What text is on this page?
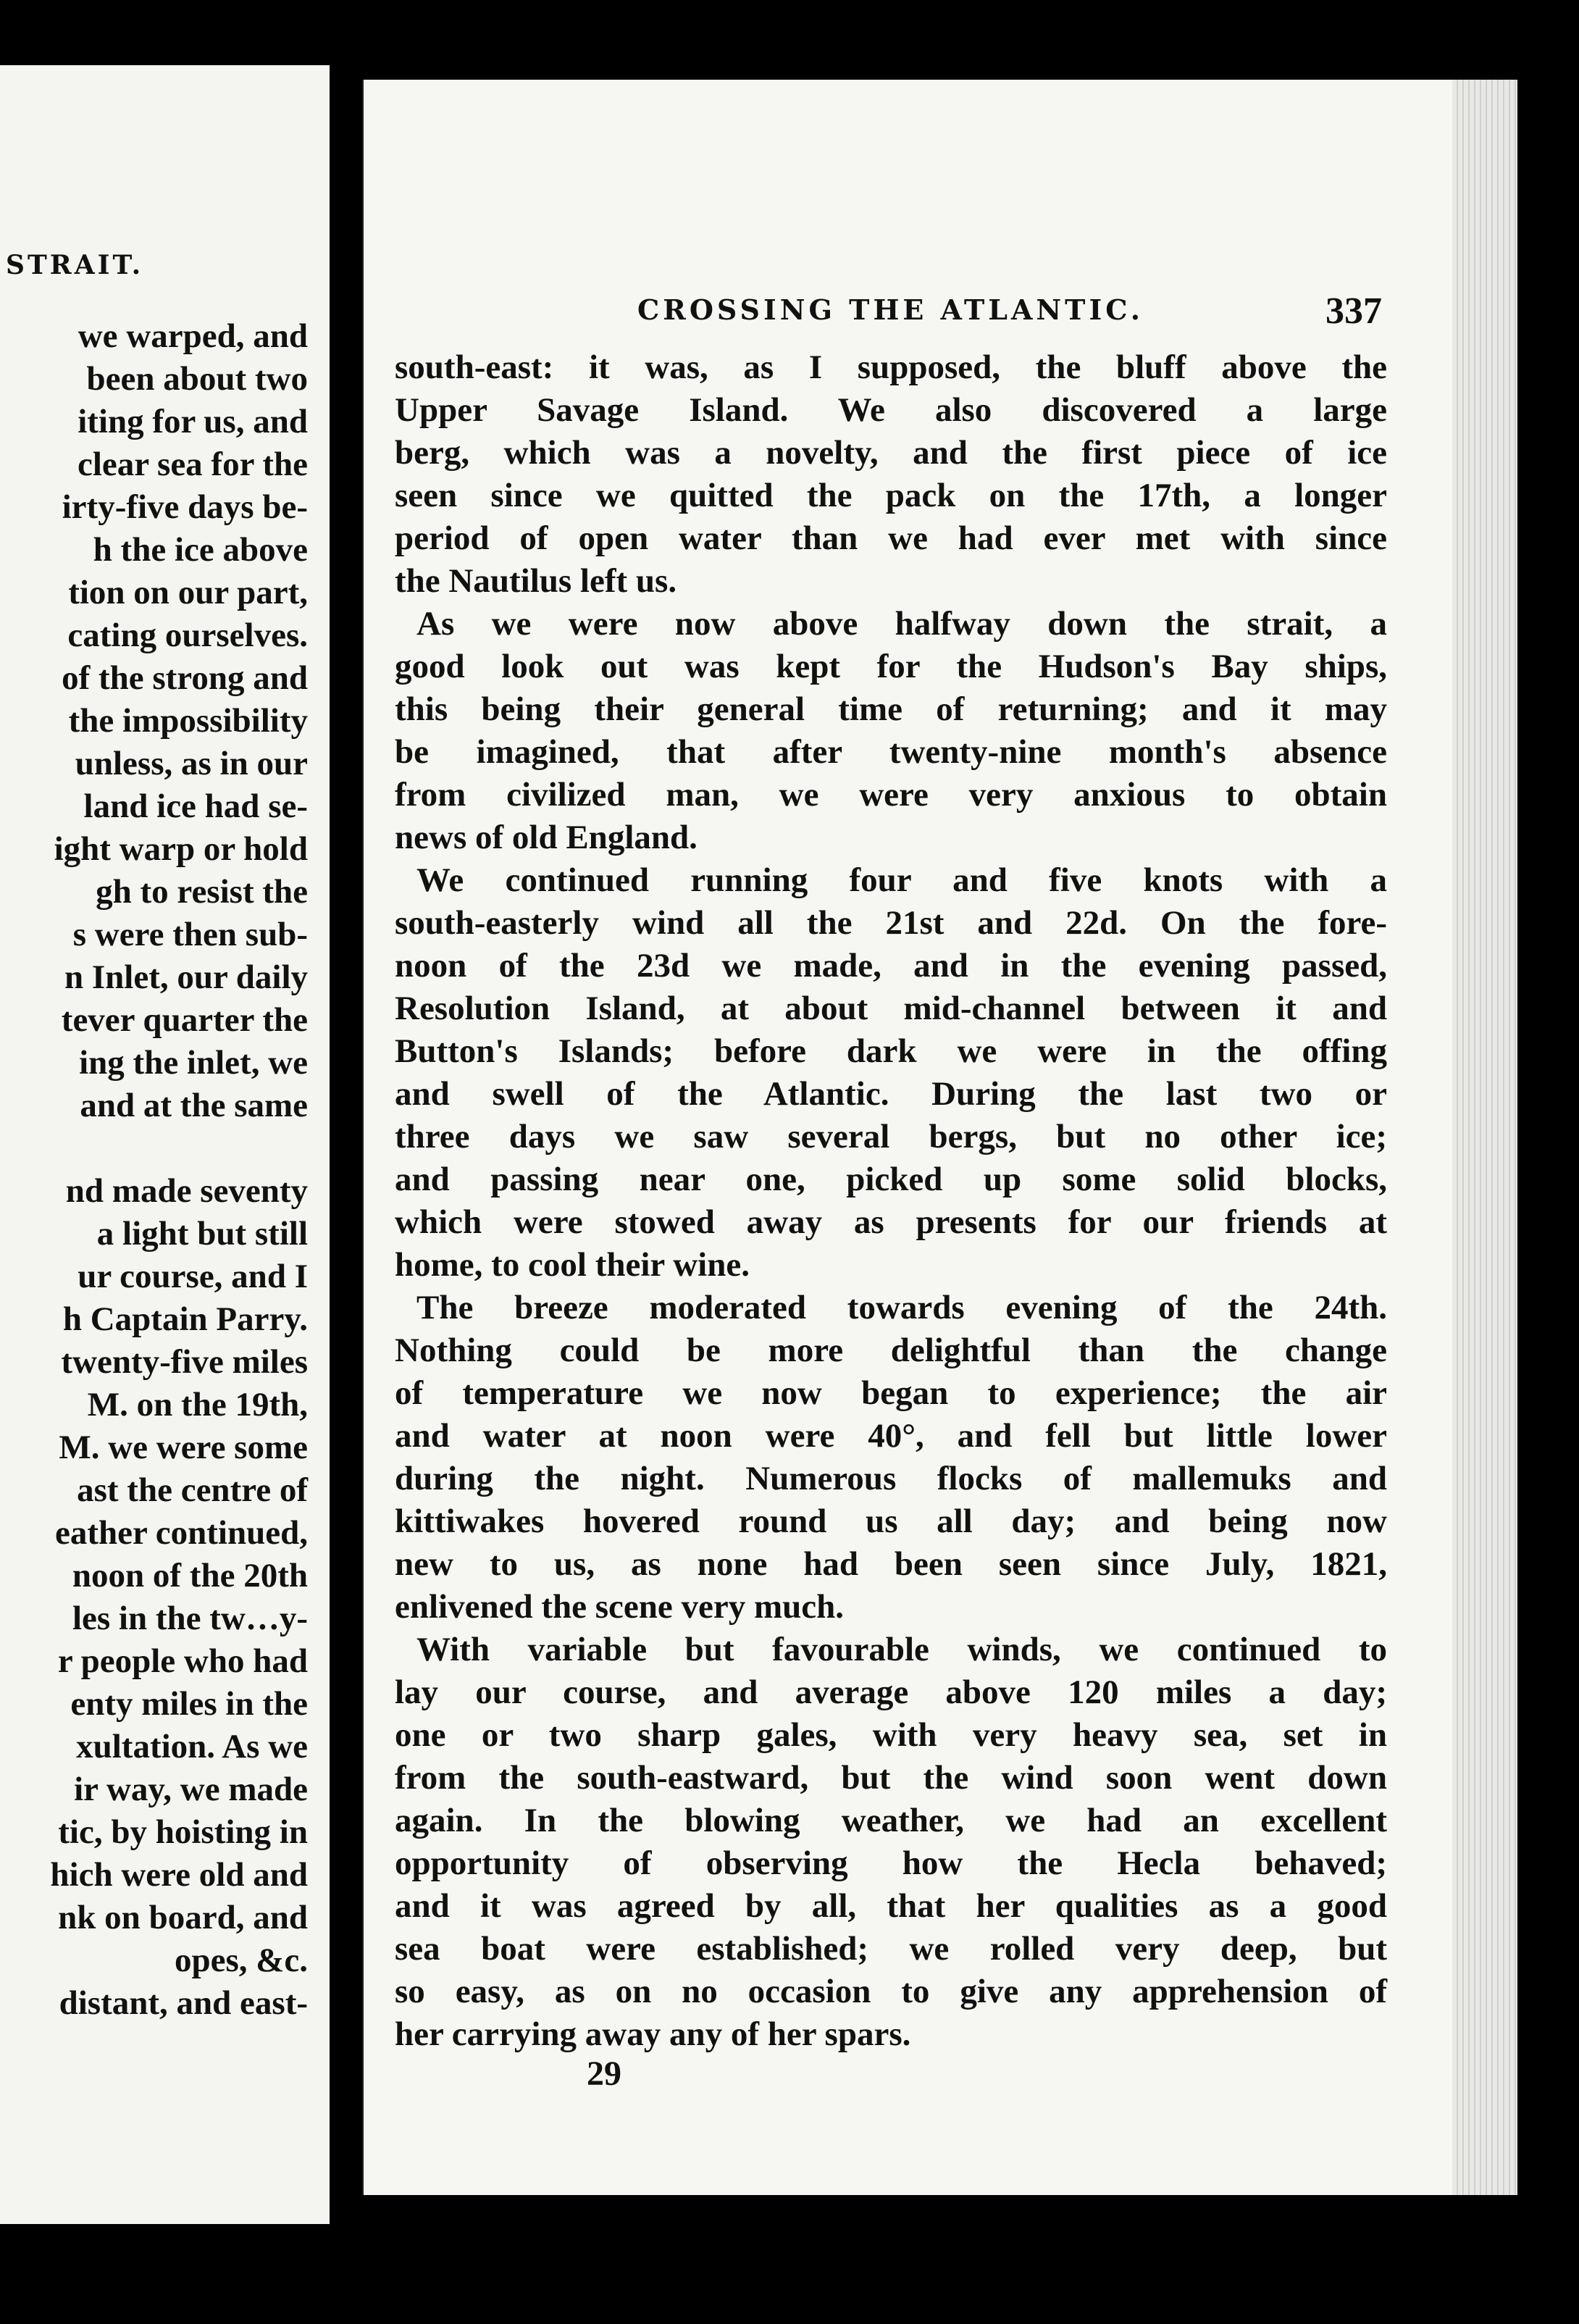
STRAIT.
we warped, and
been about two
iting for us, and
clear sea for the
irty-five days be-
h the ice above
tion on our part,
cating ourselves.
of the strong and
the impossibility
unless, as in our
land ice had se-
ight warp or hold
gh to resist the
s were then sub-
n Inlet, our daily
tever quarter the
ing the inlet, we
and at the same
nd made seventy
a light but still
ur course, and I
h Captain Parry.
twenty-five miles
M. on the 19th,
M. we were some
ast the centre of
eather continued,
noon of the 20th
les in the tw…y-
r people who had
enty miles in the
xultation. As we
ir way, we made
tic, by hoisting in
hich were old and
nk on board, and
opes, &c.
distant, and east-
CROSSING THE ATLANTIC.	337
south-east: it was, as I supposed, the bluff above the
Upper Savage Island. We also discovered a large
berg, which was a novelty, and the first piece of ice
seen since we quitted the pack on the 17th, a longer
period of open water than we had ever met with since
the Nautilus left us.
As we were now above halfway down the strait, a
good look out was kept for the Hudson's Bay ships,
this being their general time of returning; and it may
be imagined, that after twenty-nine month's absence
from civilized man, we were very anxious to obtain
news of old England.
We continued running four and five knots with a
south-easterly wind all the 21st and 22d. On the fore-
noon of the 23d we made, and in the evening passed,
Resolution Island, at about mid-channel between it and
Button's Islands; before dark we were in the offing
and swell of the Atlantic. During the last two or
three days we saw several bergs, but no other ice;
and passing near one, picked up some solid blocks,
which were stowed away as presents for our friends at
home, to cool their wine.
The breeze moderated towards evening of the 24th.
Nothing could be more delightful than the change
of temperature we now began to experience; the air
and water at noon were 40°, and fell but little lower
during the night. Numerous flocks of mallemuks and
kittiwakes hovered round us all day; and being now
new to us, as none had been seen since July, 1821,
enlivened the scene very much.
With variable but favourable winds, we continued to
lay our course, and average above 120 miles a day;
one or two sharp gales, with very heavy sea, set in
from the south-eastward, but the wind soon went down
again. In the blowing weather, we had an excellent
opportunity of observing how the Hecla behaved;
and it was agreed by all, that her qualities as a good
sea boat were established; we rolled very deep, but
so easy, as on no occasion to give any apprehension of
her carrying away any of her spars.
29
